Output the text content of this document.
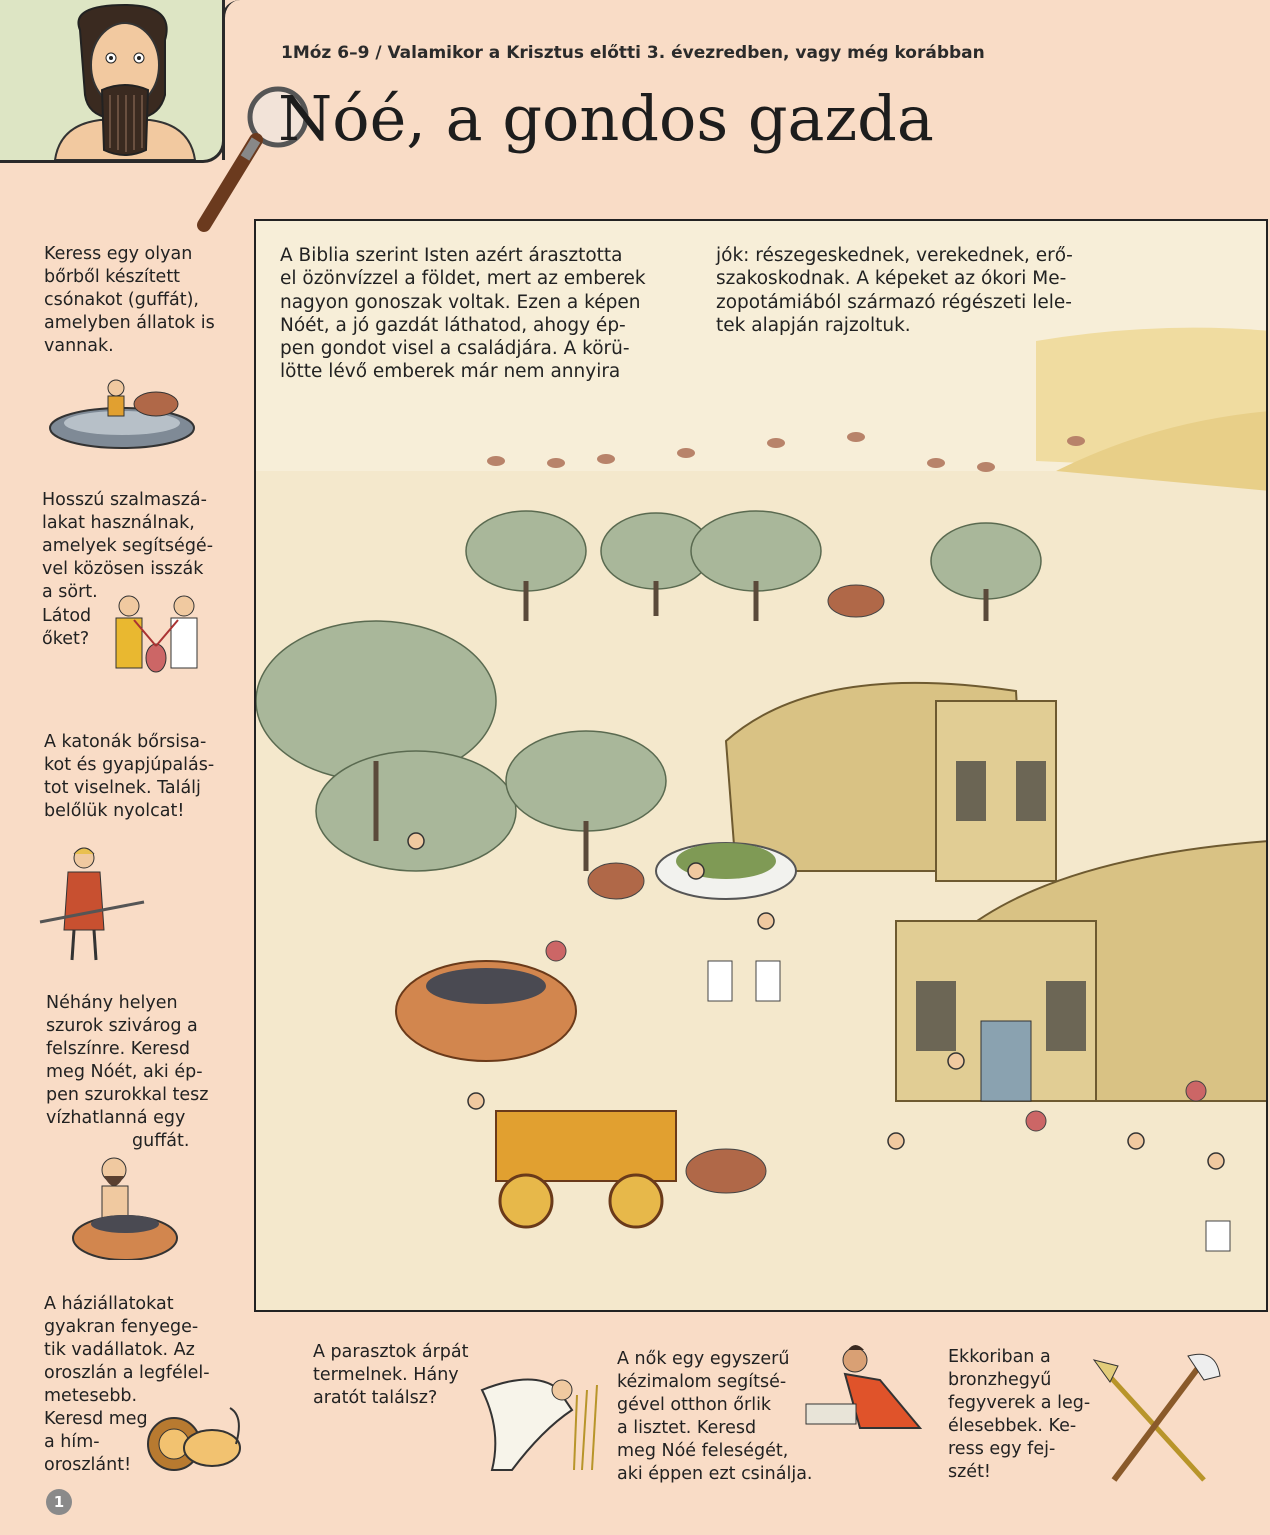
1Móz 6–9 / Valamikor a Krisztus előtti 3. évezredben, vagy még korábban
Nóé, a gondos gazda
A Biblia szerint Isten azért árasztotta
el özönvízzel a földet, mert az emberek
nagyon gonoszak voltak. Ezen a képen
Nóét, a jó gazdát láthatod, ahogy ép-
pen gondot visel a családjára. A körü-
lötte lévő emberek már nem annyira
jók: részegeskednek, verekednek, erő-
szakoskodnak. A képeket az ókori Me-
zopotámiából származó régészeti lele-
tek alapján rajzoltuk.
Keress egy olyan
bőrből készített
csónakot (guffát),
amelyben állatok is
vannak.
Hosszú szalmaszá-
lakat használnak,
amelyek segítségé-
vel közösen isszák
a sört.
Látod
őket?
A katonák bőrsisa-
kot és gyapjúpalás-
tot viselnek. Találj
belőlük nyolcat!
Néhány helyen
szurok szivárog a
felszínre. Keresd
meg Nóét, aki ép-
pen szurokkal tesz
vízhatlanná egy
guffát.
A háziállatokat
gyakran fenyege-
tik vadállatok. Az
oroszlán a legfélel-
metesebb.
Keresd meg
a hím-
oroszlánt!
1
A parasztok árpát
termelnek. Hány
aratót találsz?
A nők egy egyszerű
kézimalom segítsé-
gével otthon őrlik
a lisztet. Keresd
meg Nóé feleségét,
aki éppen ezt csinálja.
Ekkoriban a
bronzhegyű
fegyverek a leg-
élesebbek. Ke-
ress egy fej-
szét!
